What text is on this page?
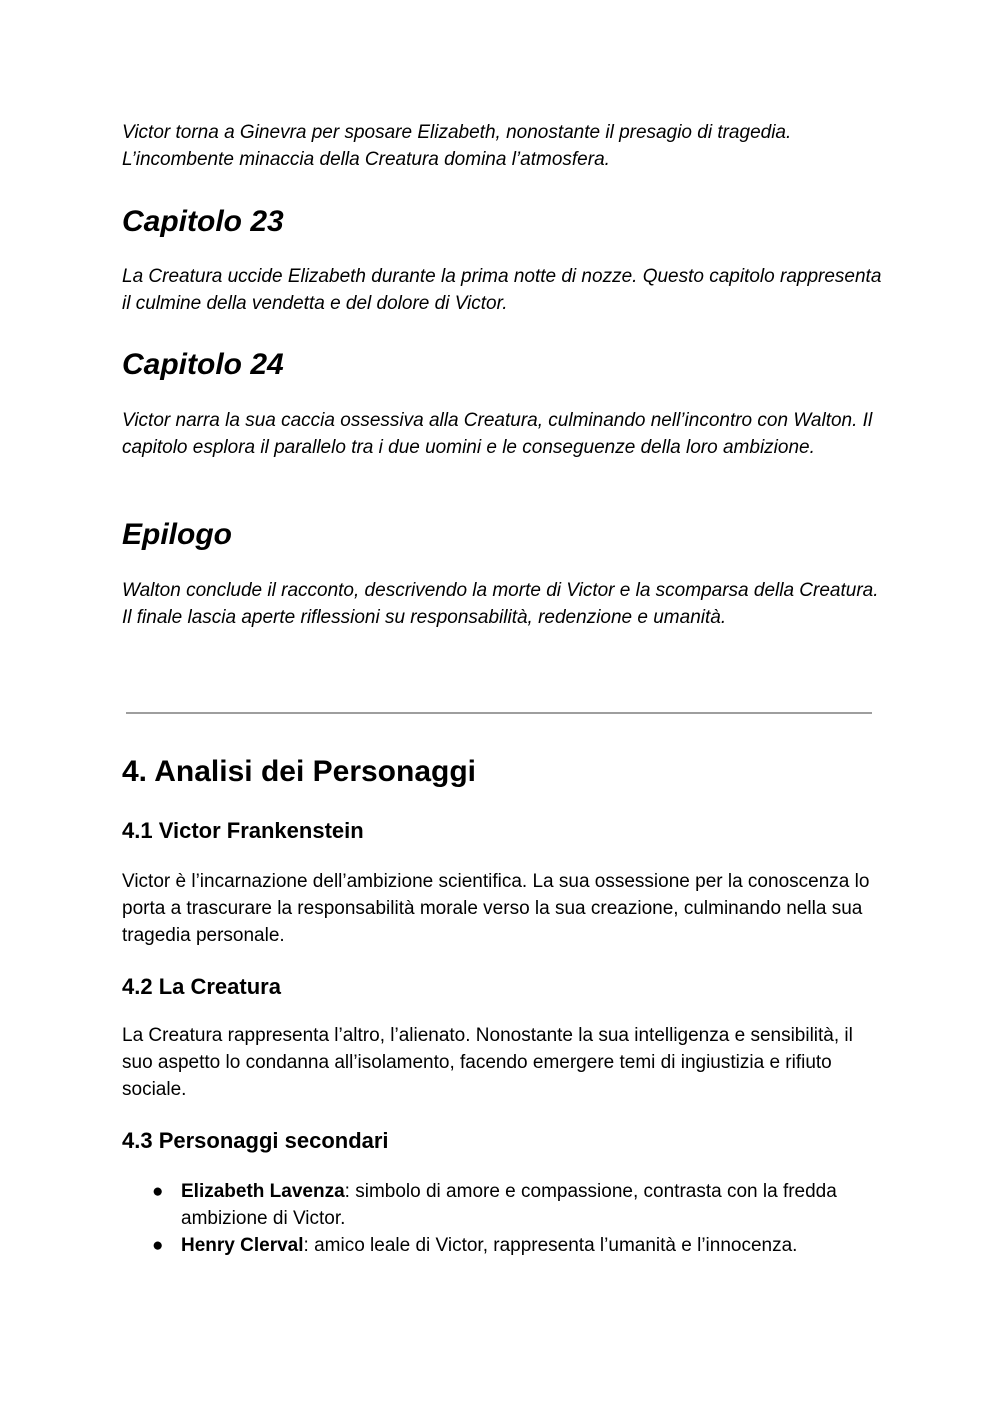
Victor torna a Ginevra per sposare Elizabeth, nonostante il presagio di tragedia. L’incombente minaccia della Creatura domina l’atmosfera.

Capitolo 23

La Creatura uccide Elizabeth durante la prima notte di nozze. Questo capitolo rappresenta il culmine della vendetta e del dolore di Victor.

Capitolo 24

Victor narra la sua caccia ossessiva alla Creatura, culminando nell’incontro con Walton. Il capitolo esplora il parallelo tra i due uomini e le conseguenze della loro ambizione.

Epilogo

Walton conclude il racconto, descrivendo la morte di Victor e la scomparsa della Creatura. Il finale lascia aperte riflessioni su responsabilità, redenzione e umanità.

4. Analisi dei Personaggi
4.1 Victor Frankenstein

Victor è l’incarnazione dell’ambizione scientifica. La sua ossessione per la conoscenza lo porta a trascurare la responsabilità morale verso la sua creazione, culminando nella sua tragedia personale.

4.2 La Creatura

La Creatura rappresenta l’altro, l’alienato. Nonostante la sua intelligenza e sensibilità, il suo aspetto lo condanna all’isolamento, facendo emergere temi di ingiustizia e rifiuto sociale.

4.3 Personaggi secondari
● Elizabeth Lavenza: simbolo di amore e compassione, contrasta con la fredda ambizione di Victor.
● Henry Clerval: amico leale di Victor, rappresenta l’umanità e l’innocenza.
